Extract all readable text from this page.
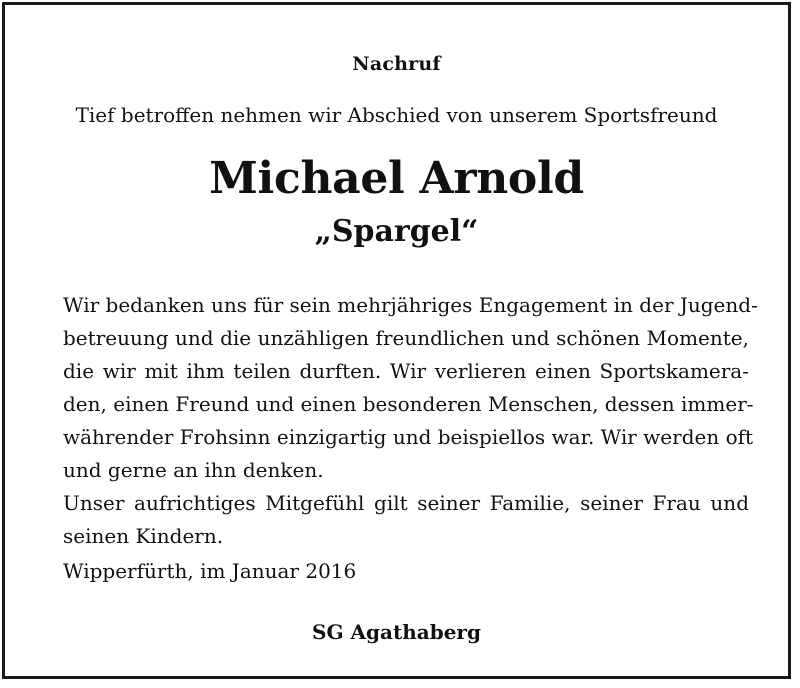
Nachruf
Tief betroffen nehmen wir Abschied von unserem Sportsfreund
Michael Arnold
„Spargel“
Wir bedanken uns für sein mehrjähriges Engagement in der Jugend-
betreuung und die unzähligen freundlichen und schönen Momente,
die wir mit ihm teilen durften. Wir verlieren einen Sportskamera-
den, einen Freund und einen besonderen Menschen, dessen immer-
währender Frohsinn einzigartig und beispiellos war. Wir werden oft
und gerne an ihn denken.
Unser aufrichtiges Mitgefühl gilt seiner Familie, seiner Frau und
seinen Kindern.
Wipperfürth, im Januar 2016
SG Agathaberg
